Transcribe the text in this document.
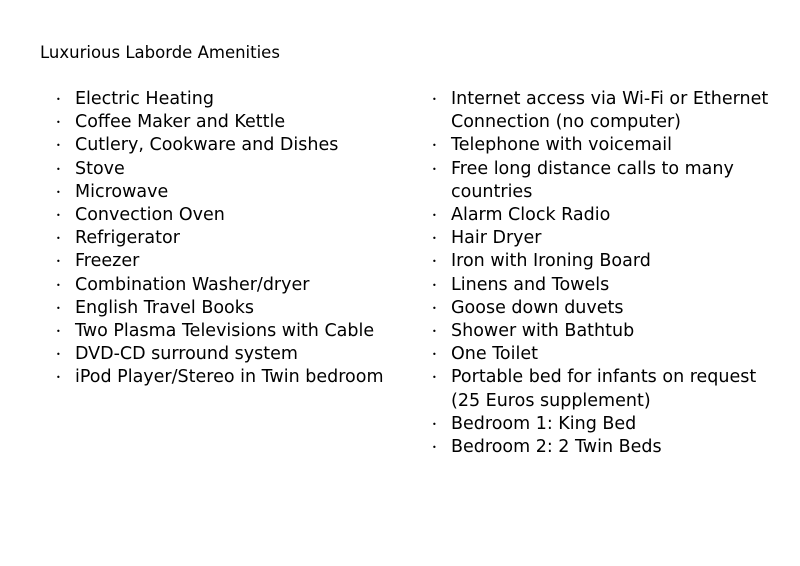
Luxurious Laborde Amenities
• Electric Heating
• Coffee Maker and Kettle
• Cutlery, Cookware and Dishes
• Stove
• Microwave
• Convection Oven
• Refrigerator
• Freezer
• Combination Washer/dryer
• English Travel Books
• Two Plasma Televisions with Cable
• DVD-CD surround system
• iPod Player/Stereo in Twin bedroom
• Internet access via Wi-Fi or Ethernet Connection (no computer)
• Telephone with voicemail
• Free long distance calls to many countries
• Alarm Clock Radio
• Hair Dryer
• Iron with Ironing Board
• Linens and Towels
• Goose down duvets
• Shower with Bathtub
• One Toilet
• Portable bed for infants on request (25 Euros supplement)
• Bedroom 1: King Bed
• Bedroom 2: 2 Twin Beds
